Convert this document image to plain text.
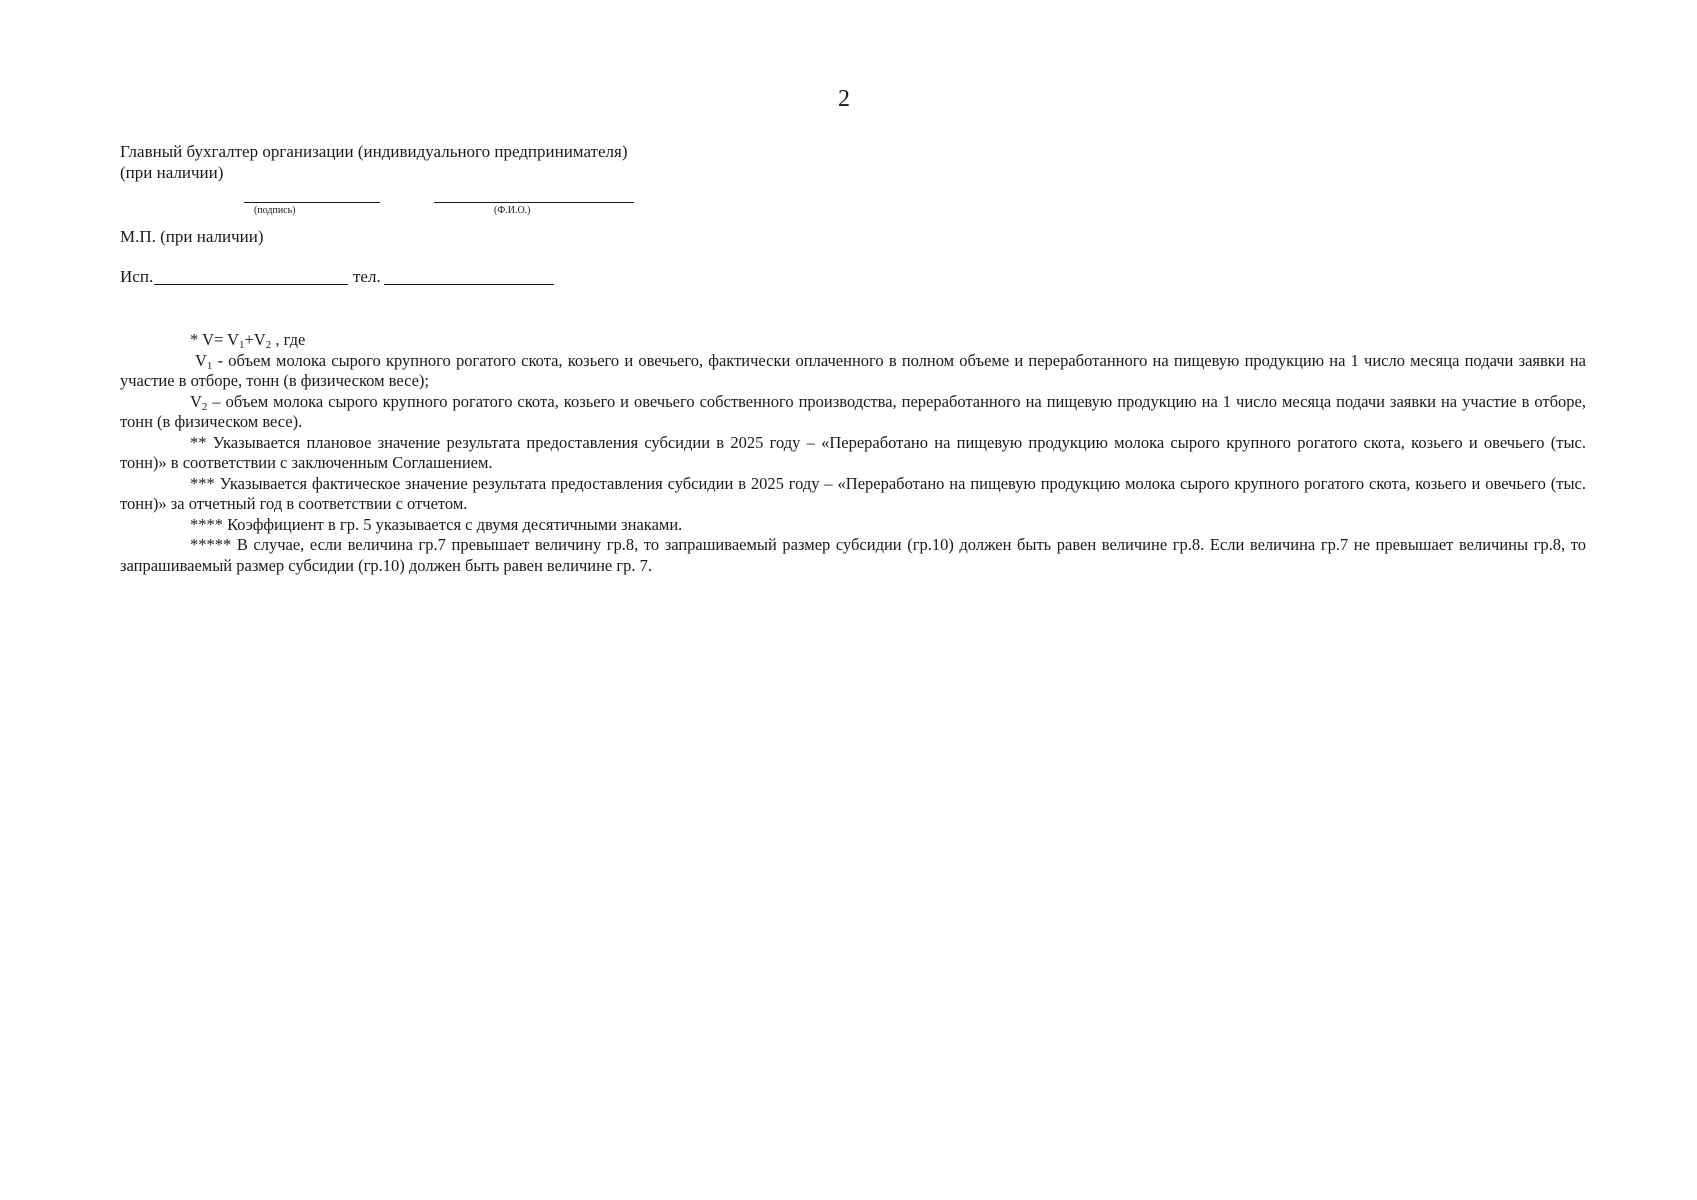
2
Главный бухгалтер организации (индивидуального предпринимателя)
(при наличии)
(подпись)	(Ф.И.О.)
М.П. (при наличии)
Исп.	тел.

* $V= V_1+V_2$ , где

$V_1$ - объем молока сырого крупного рогатого скота, козьего и овечьего, фактически оплаченного в полном объеме и переработанного на пищевую продукцию на 1 число месяца подачи заявки на участие в отборе, тонн (в физическом весе);

$V_2$ – объем молока сырого крупного рогатого скота, козьего и овечьего собственного производства, переработанного на пищевую продукцию на 1 число месяца подачи заявки на участие в отборе, тонн (в физическом весе).

** Указывается плановое значение результата предоставления субсидии в 2025 году – «Переработано на пищевую продукцию молока сырого крупного рогатого скота, козьего и овечьего (тыс. тонн)» в соответствии с заключенным Соглашением.

*** Указывается фактическое значение результата предоставления субсидии в 2025 году – «Переработано на пищевую продукцию молока сырого крупного рогатого скота, козьего и овечьего (тыс. тонн)» за отчетный год в соответствии с отчетом.

**** Коэффициент в гр. 5 указывается с двумя десятичными знаками.

***** В случае, если величина гр.7 превышает величину гр.8, то запрашиваемый размер субсидии (гр.10) должен быть равен величине гр.8. Если величина гр.7 не превышает величины гр.8, то запрашиваемый размер субсидии (гр.10) должен быть равен величине гр. 7.
